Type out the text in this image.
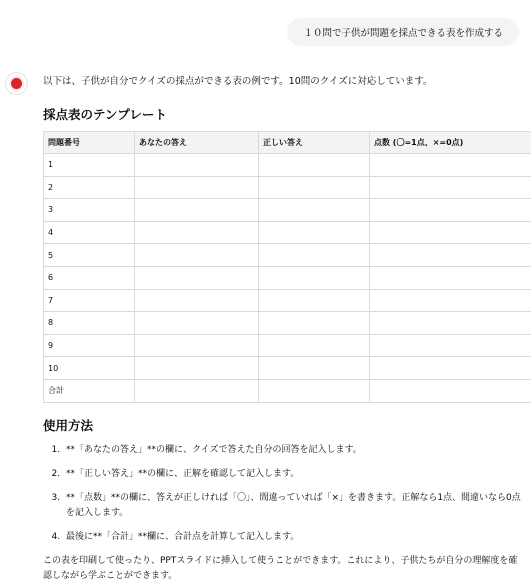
１０問で子供が問題を採点できる表を作成する

以下は、子供が自分でクイズの採点ができる表の例です。10問のクイズに対応しています。

採点表のテンプレート
問題番号	あなたの答え	正しい答え	点数 (〇=1点、×=0点)
1			
2			
3			
4			
5			
6			
7			
8			
9			
10			
合計			
使用方法
1. **「あなたの答え」**の欄に、クイズで答えた自分の回答を記入します。
2. **「正しい答え」**の欄に、正解を確認して記入します。
3. **「点数」**の欄に、答えが正しければ「〇」、間違っていれば「×」を書きます。正解なら1点、間違いなら0点を記入します。
4. 最後に**「合計」**欄に、合計点を計算して記入します。

この表を印刷して使ったり、PPTスライドに挿入して使うことができます。これにより、子供たちが自分の理解度を確認しながら学ぶことができます。
